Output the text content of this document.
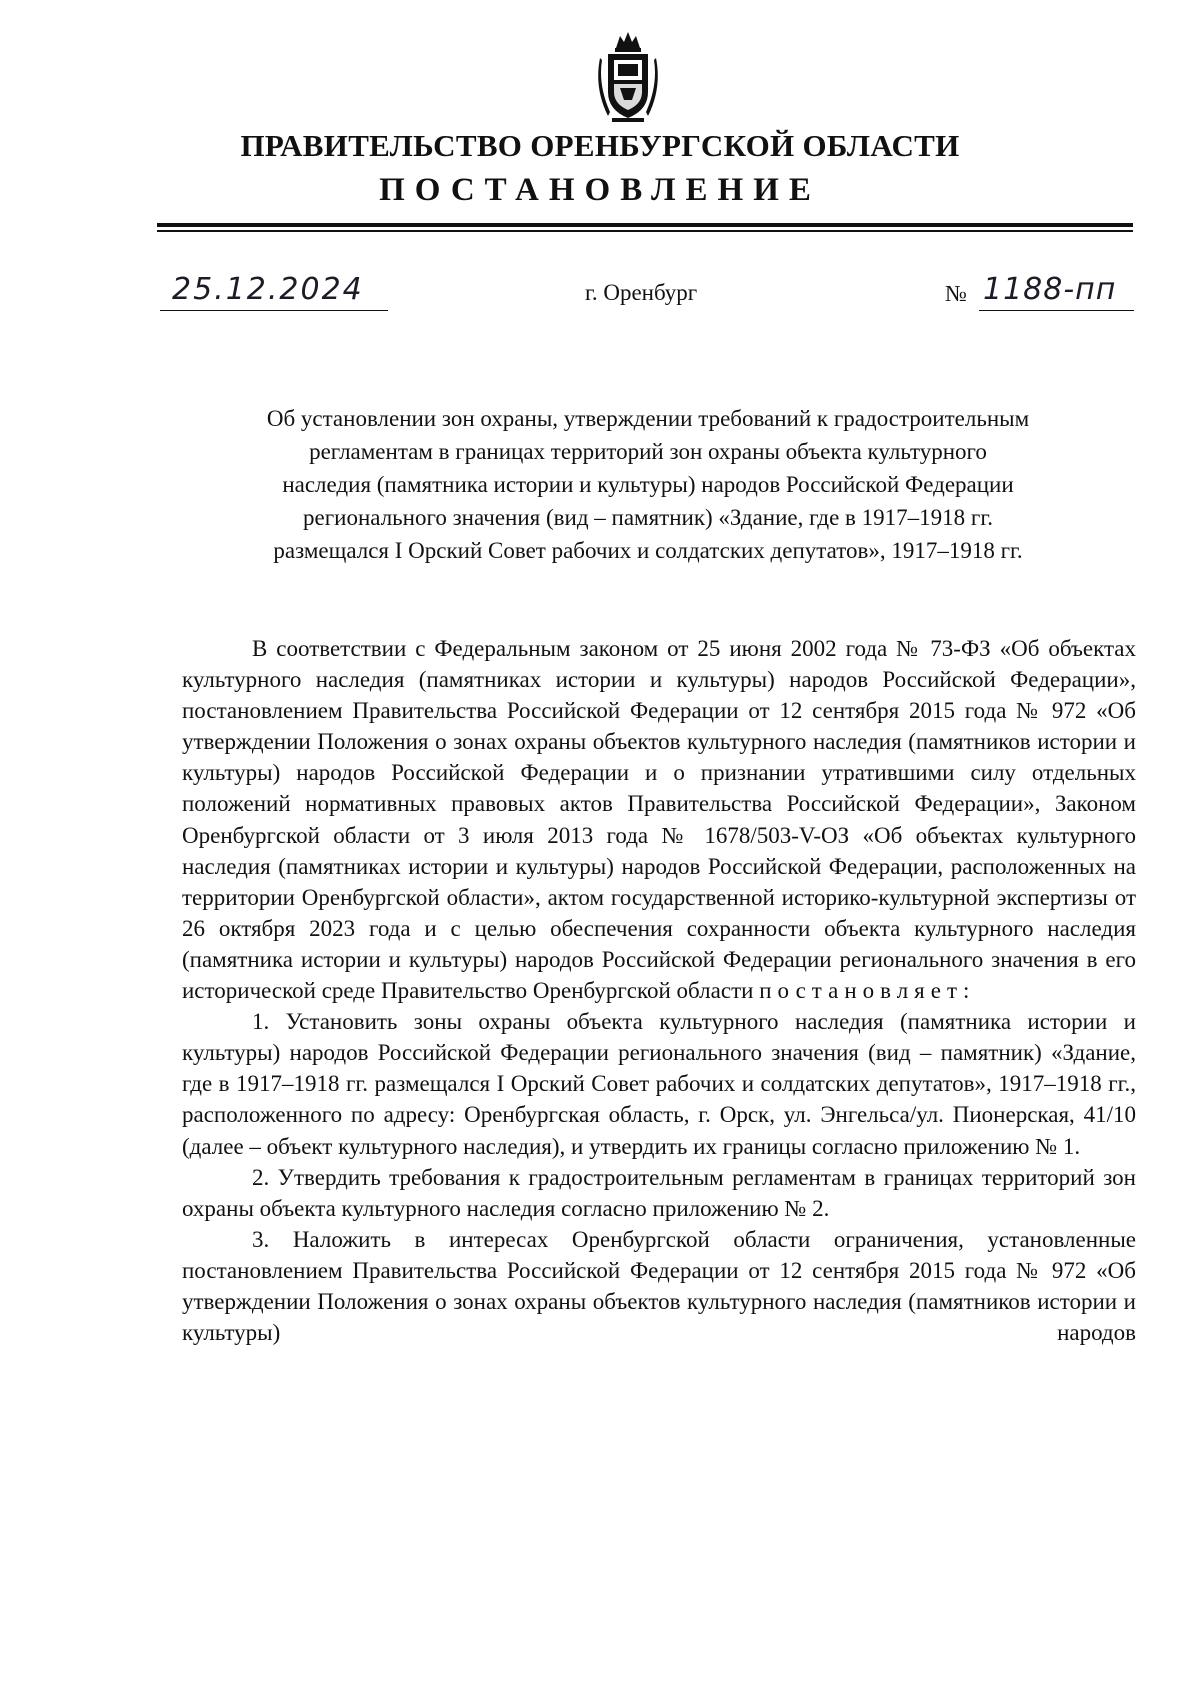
ПРАВИТЕЛЬСТВО ОРЕНБУРГСКОЙ ОБЛАСТИ
ПОСТАНОВЛЕНИЕ
25.12.2024	г. Оренбург	№ 1188-пп
Об установлении зон охраны, утверждении требований к градостроительным
регламентам в границах территорий зон охраны объекта культурного
наследия (памятника истории и культуры) народов Российской Федерации
регионального значения (вид – памятник) «Здание, где в 1917–1918 гг.
размещался I Орский Совет рабочих и солдатских депутатов», 1917–1918 гг.

В соответствии с Федеральным законом от 25 июня 2002 года № 73-ФЗ «Об объектах культурного наследия (памятниках истории и культуры) народов Российской Федерации», постановлением Правительства Российской Федерации от 12 сентября 2015 года № 972 «Об утверждении Положения о зонах охраны объектов культурного наследия (памятников истории и культуры) народов Российской Федерации и о признании утратившими силу отдельных положений нормативных правовых актов Правительства Российской Федерации», Законом Оренбургской области от 3 июля 2013 года № 1678/503-V-ОЗ «Об объектах культурного наследия (памятниках истории и культуры) народов Российской Федерации, расположенных на территории Оренбургской области», актом государственной историко-культурной экспертизы от 26 октября 2023 года и с целью обеспечения сохранности объекта культурного наследия (памятника истории и культуры) народов Российской Федерации регионального значения в его исторической среде Правительство Оренбургской области постановляет:

1. Установить зоны охраны объекта культурного наследия (памятника истории и культуры) народов Российской Федерации регионального значения (вид – памятник) «Здание, где в 1917–1918 гг. размещался I Орский Совет рабочих и солдатских депутатов», 1917–1918 гг., расположенного по адресу: Оренбургская область, г. Орск, ул. Энгельса/ул. Пионерская, 41/10 (далее – объект культурного наследия), и утвердить их границы согласно приложению № 1.

2. Утвердить требования к градостроительным регламентам в границах территорий зон охраны объекта культурного наследия согласно приложению № 2.

3. Наложить в интересах Оренбургской области ограничения, установленные постановлением Правительства Российской Федерации от 12 сентября 2015 года № 972 «Об утверждении Положения о зонах охраны объектов культурного наследия (памятников истории и культуры) народов
